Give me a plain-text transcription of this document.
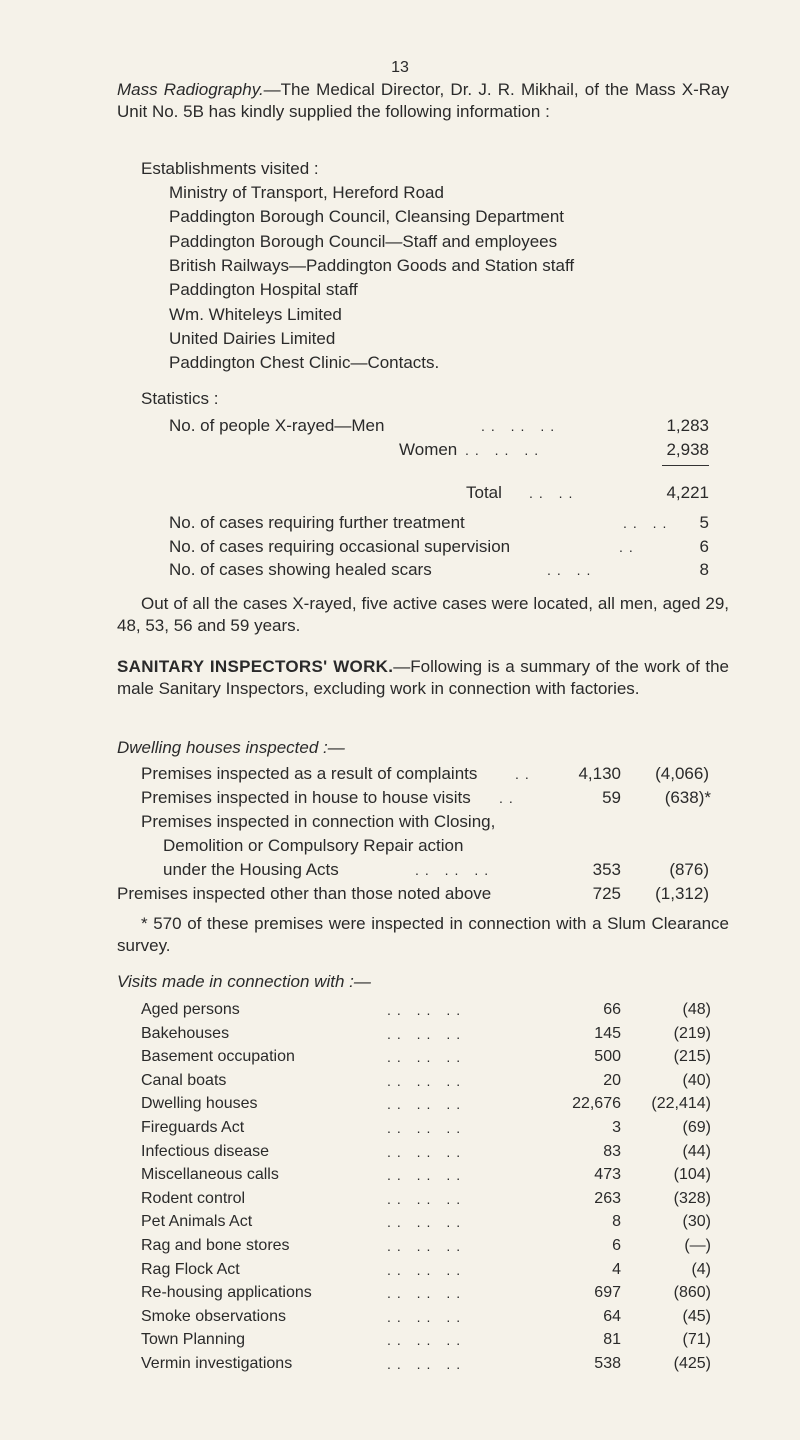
13
Mass Radiography.—The Medical Director, Dr. J. R. Mikhail, of the Mass X-Ray Unit No. 5B has kindly supplied the following information :
Establishments visited :
Ministry of Transport, Hereford Road
Paddington Borough Council, Cleansing Department
Paddington Borough Council—Staff and employees
British Railways—Paddington Goods and Station staff
Paddington Hospital staff
Wm. Whiteleys Limited
United Dairies Limited
Paddington Chest Clinic—Contacts.
Statistics :
No. of people X-rayed—Men	.. .. ..	1,283
Women .. .. ..	2,938
Total .. ..	4,221
No. of cases requiring further treatment	.. ..	5
No. of cases requiring occasional supervision	..	6
No. of cases showing healed scars	.. ..	8
Out of all the cases X-rayed, five active cases were located, all men, aged 29, 48, 53, 56 and 59 years.
SANITARY INSPECTORS' WORK.—Following is a summary of the work of the male Sanitary Inspectors, excluding work in connection with factories.
Dwelling houses inspected :—
Premises inspected as a result of complaints	..	4,130	(4,066)
Premises inspected in house to house visits ..	59	(638)*
Premises inspected in connection with Closing,
Demolition or Compulsory Repair action
under the Housing Acts	.. .. ..	353	(876)
Premises inspected other than those noted above	725	(1,312)
* 570 of these premises were inspected in connection with a Slum Clearance survey.
Visits made in connection with :—
Aged persons	.. .. ..	66	(48)
Bakehouses	.. .. ..	145	(219)
Basement occupation	.. .. ..	500	(215)
Canal boats	.. .. ..	20	(40)
Dwelling houses	.. .. ..	22,676	(22,414)
Fireguards Act	.. .. ..	3	(69)
Infectious disease	.. .. ..	83	(44)
Miscellaneous calls	.. .. ..	473	(104)
Rodent control	.. .. ..	263	(328)
Pet Animals Act	.. .. ..	8	(30)
Rag and bone stores	.. .. ..	6	(—)
Rag Flock Act	.. .. ..	4	(4)
Re-housing applications	.. .. ..	697	(860)
Smoke observations	.. .. ..	64	(45)
Town Planning	.. .. ..	81	(71)
Vermin investigations	.. .. ..	538	(425)
